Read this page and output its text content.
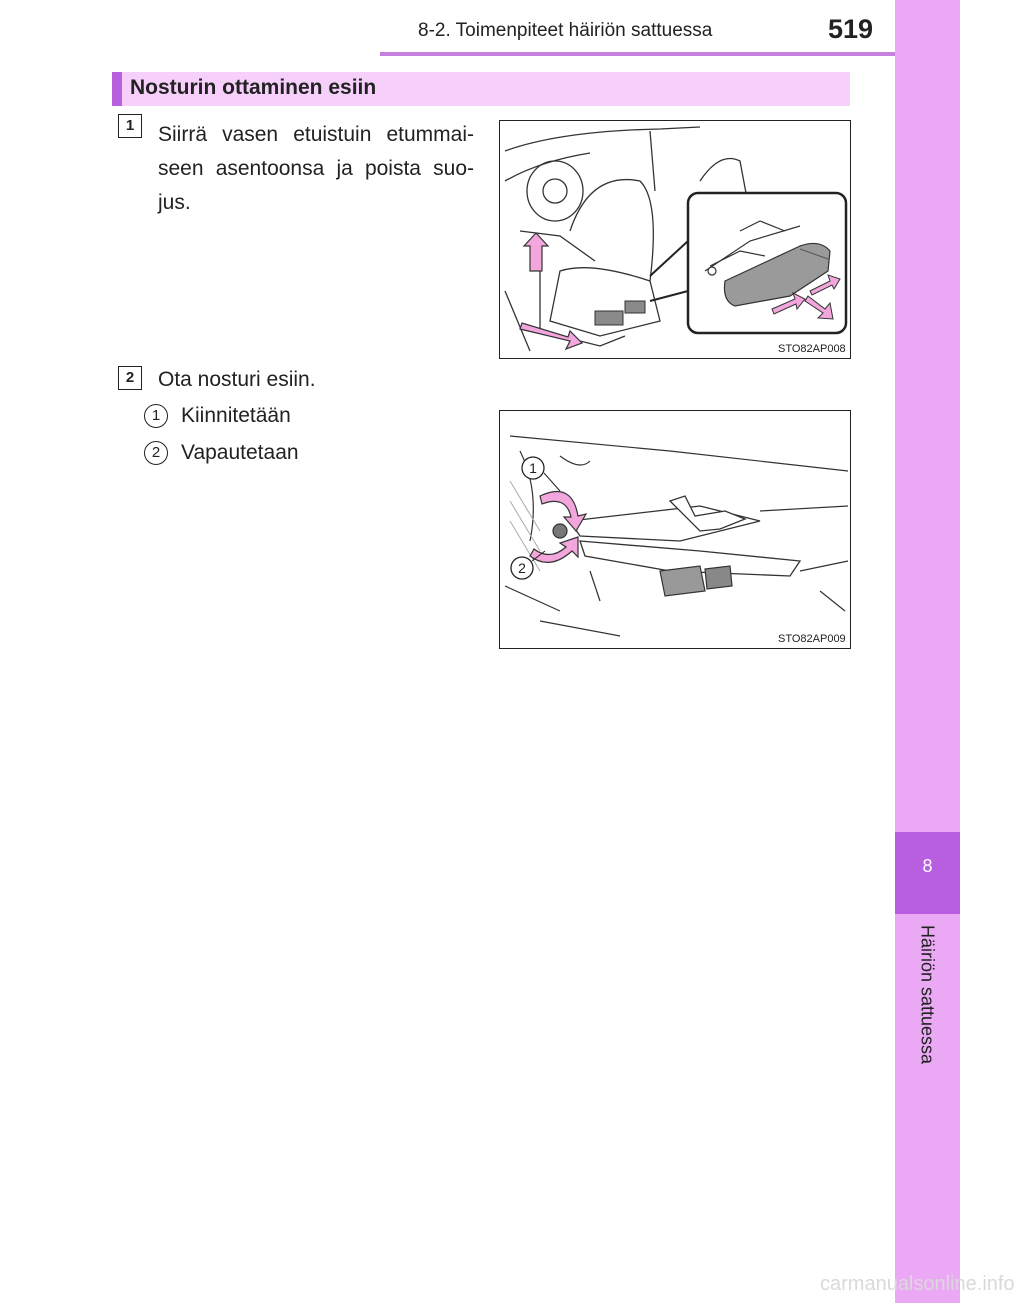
8-2. Toimenpiteet häiriön sattuessa	519
8
Häiriön sattuessa
Nosturin ottaminen esiin
1	Siirrä vasen etuistuin etummai-seen asentoonsa ja poista suo-jus.
STO82AP008
2	Ota nosturi esiin.
1 Kiinnitetään
2 Vapautetaan
1
2
STO82AP009
carmanualsonline.info
